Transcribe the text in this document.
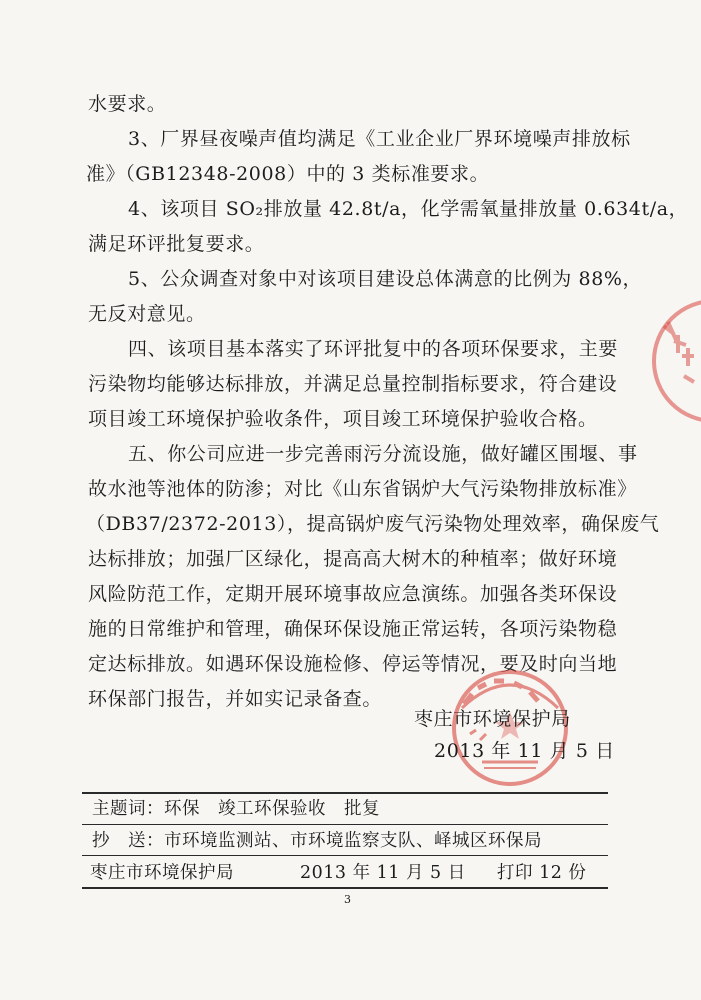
水要求。
3、厂界昼夜噪声值均满足《工业企业厂界环境噪声排放标
准》（GB12348-2008）中的 3 类标准要求。
4、该项目 SO₂排放量 42.8t/a，化学需氧量排放量 0.634t/a，
满足环评批复要求。
5、公众调查对象中对该项目建设总体满意的比例为 88%，
无反对意见。
四、该项目基本落实了环评批复中的各项环保要求，主要
污染物均能够达标排放，并满足总量控制指标要求，符合建设
项目竣工环境保护验收条件，项目竣工环境保护验收合格。
五、你公司应进一步完善雨污分流设施，做好罐区围堰、事
故水池等池体的防渗；对比《山东省锅炉大气污染物排放标准》
（DB37/2372-2013），提高锅炉废气污染物处理效率，确保废气
达标排放；加强厂区绿化，提高高大树木的种植率；做好环境
风险防范工作，定期开展环境事故应急演练。加强各类环保设
施的日常维护和管理，确保环保设施正常运转，各项污染物稳
定达标排放。如遇环保设施检修、停运等情况，要及时向当地
环保部门报告，并如实记录备查。
枣庄市环境保护局
2013 年 11 月 5 日
主题词：环保　竣工环保验收　批复
抄　送：市环境监测站、市环境监察支队、峄城区环保局
枣庄市环境保护局	2013 年 11 月 5 日 打印 12 份
3
